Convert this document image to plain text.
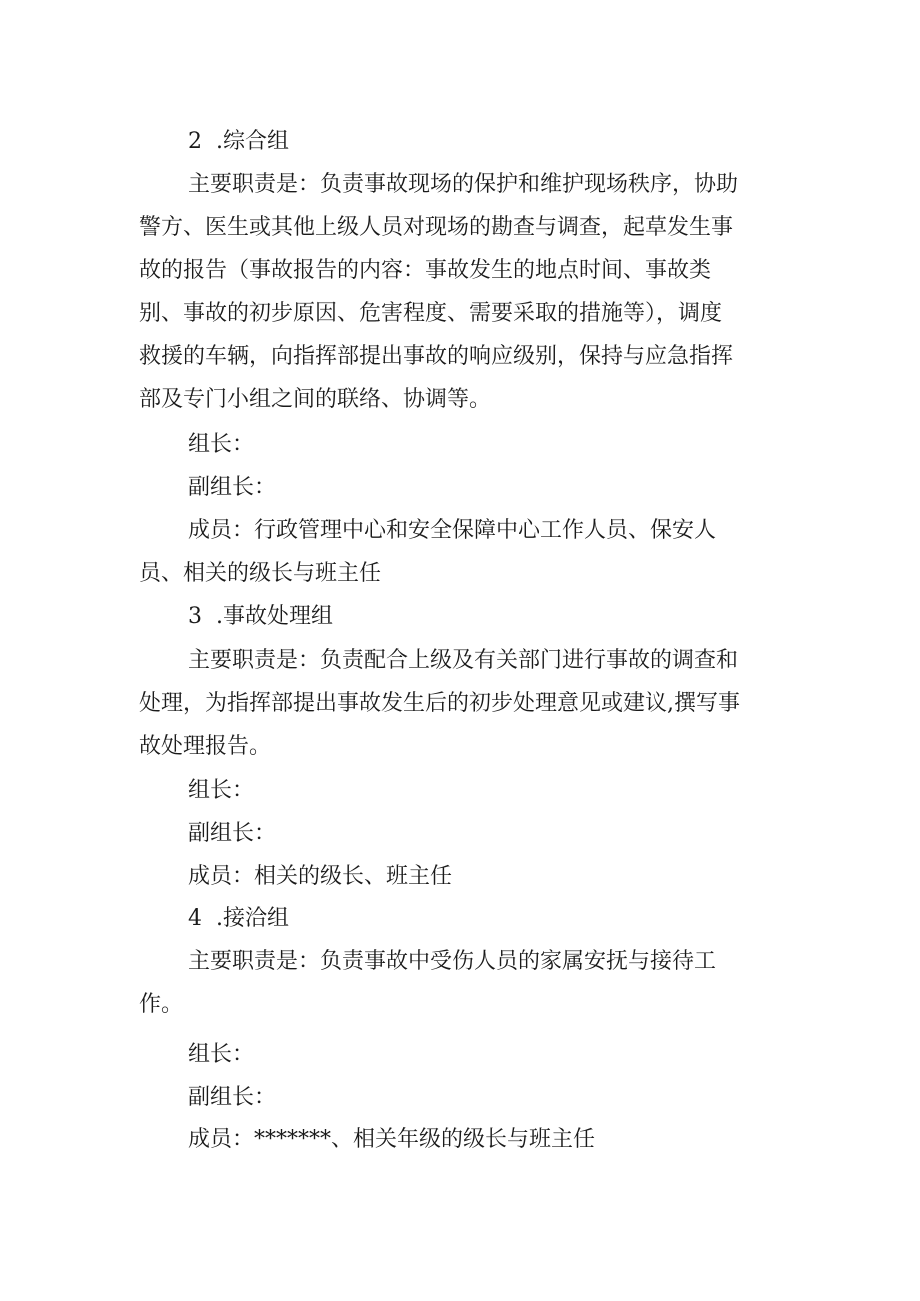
2  .综合组
主要职责是：负责事故现场的保护和维护现场秩序，协助
警方、医生或其他上级人员对现场的勘查与调查，起草发生事
故的报告（事故报告的内容：事故发生的地点时间、事故类
别、事故的初步原因、危害程度、需要采取的措施等），调度
救援的车辆，向指挥部提出事故的响应级别，保持与应急指挥
部及专门小组之间的联络、协调等。
组长：
副组长：
成员：行政管理中心和安全保障中心工作人员、保安人
员、相关的级长与班主任
3  .事故处理组
主要职责是：负责配合上级及有关部门进行事故的调查和
处理，为指挥部提出事故发生后的初步处理意见或建议,撰写事
故处理报告。
组长：
副组长：
成员：相关的级长、班主任
4  .接洽组
主要职责是：负责事故中受伤人员的家属安抚与接待工
作。
组长：
副组长：
成员：*******、相关年级的级长与班主任
